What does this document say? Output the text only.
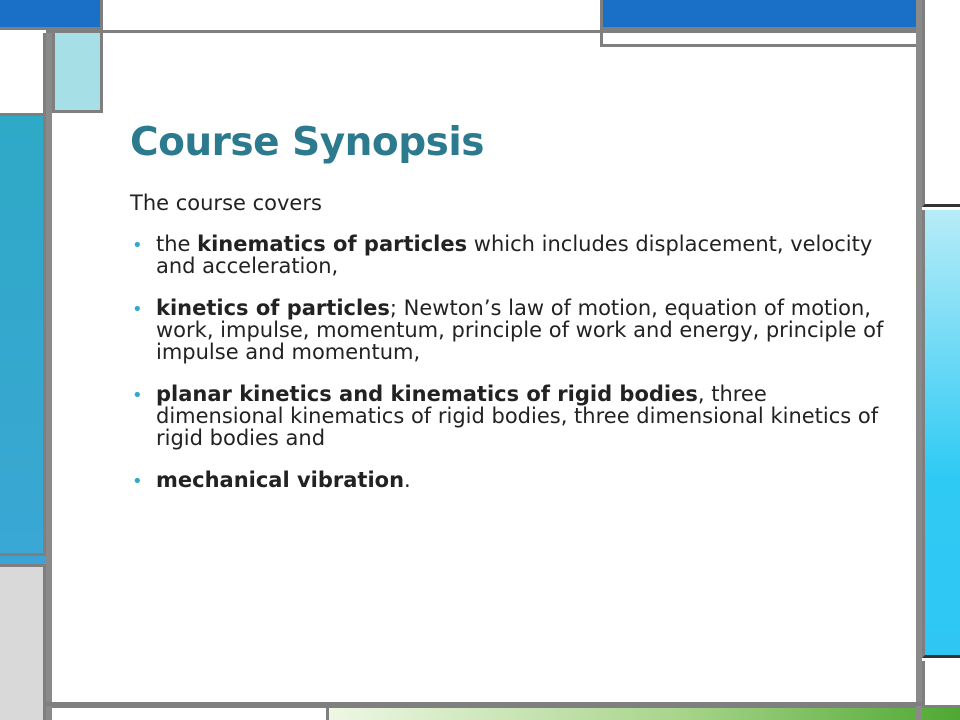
Course Synopsis
The course covers
• the kinematics of particles which includes displacement, velocity and acceleration,
• kinetics of particles; Newton’s law of motion, equation of motion, work, impulse, momentum, principle of work and energy, principle of impulse and momentum,
• planar kinetics and kinematics of rigid bodies, three dimensional kinematics of rigid bodies, three dimensional kinetics of rigid bodies and
• mechanical vibration.
